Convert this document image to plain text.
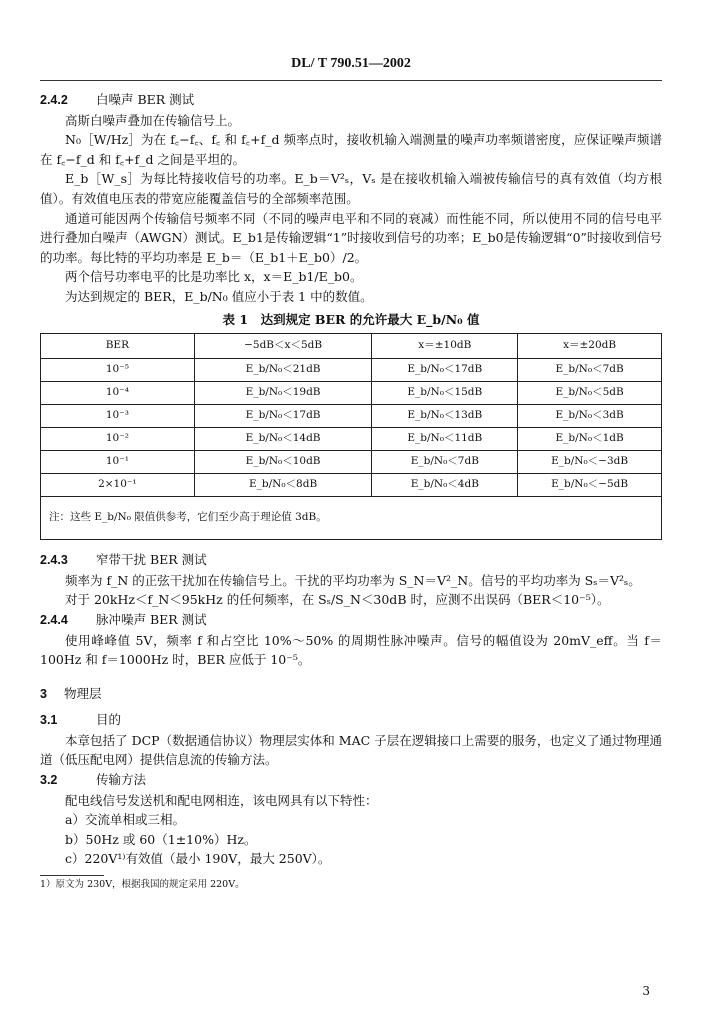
DL/ T 790.51—2002
2.4.2 白噪声 BER 测试

高斯白噪声叠加在传输信号上。

N₀［W/Hz］为在 f꜀−f꜀、f꜀ 和 f꜀+f_d 频率点时，接收机输入端测量的噪声功率频谱密度，应保证噪声频谱在 f꜀−f_d 和 f꜀+f_d 之间是平坦的。

E_b［W_s］为每比特接收信号的功率。E_b＝V²ₛ，Vₛ 是在接收机输入端被传输信号的真有效值（均方根值）。有效值电压表的带宽应能覆盖信号的全部频率范围。

通道可能因两个传输信号频率不同（不同的噪声电平和不同的衰减）而性能不同，所以使用不同的信号电平进行叠加白噪声（AWGN）测试。E_b1是传输逻辑“1”时接收到信号的功率；E_b0是传输逻辑“0”时接收到信号的功率。每比特的平均功率是 E_b＝（E_b1＋E_b0）/2。

两个信号功率电平的比是功率比 x，x＝E_b1/E_b0。

为达到规定的 BER，E_b/N₀ 值应小于表 1 中的数值。

表 1　达到规定 BER 的允许最大 E_b/N₀ 值
BER	−5dB＜x＜5dB	x＝±10dB	x＝±20dB
10⁻⁵	E_b/N₀＜21dB	E_b/N₀＜17dB	E_b/N₀＜7dB
10⁻⁴	E_b/N₀＜19dB	E_b/N₀＜15dB	E_b/N₀＜5dB
10⁻³	E_b/N₀＜17dB	E_b/N₀＜13dB	E_b/N₀＜3dB
10⁻²	E_b/N₀＜14dB	E_b/N₀＜11dB	E_b/N₀＜1dB
10⁻¹	E_b/N₀＜10dB	E_b/N₀＜7dB	E_b/N₀＜−3dB
2×10⁻¹	E_b/N₀＜8dB	E_b/N₀＜4dB	E_b/N₀＜−5dB
注：这些 E_b/N₀ 限值供参考，它们至少高于理论值 3dB。			
2.4.3 窄带干扰 BER 测试

频率为 f_N 的正弦干扰加在传输信号上。干扰的平均功率为 S_N＝V²_N。信号的平均功率为 Sₛ＝V²ₛ。

对于 20kHz＜f_N＜95kHz 的任何频率，在 Sₛ/S_N＜30dB 时，应测不出误码（BER＜10⁻⁵）。

2.4.4 脉冲噪声 BER 测试

使用峰峰值 5V，频率 f 和占空比 10%～50% 的周期性脉冲噪声。信号的幅值设为 20mV_eff。当 f＝100Hz 和 f＝1000Hz 时，BER 应低于 10⁻⁵。

3 物理层
3.1	目的

本章包括了 DCP（数据通信协议）物理层实体和 MAC 子层在逻辑接口上需要的服务，也定义了通过物理通道（低压配电网）提供信息流的传输方法。

3.2	传输方法

配电线信号发送机和配电网相连，该电网具有以下特性：

a）交流单相或三相。

b）50Hz 或 60（1±10%）Hz。

c）220V¹⁾有效值（最小 190V，最大 250V）。

1）原文为 230V，根据我国的规定采用 220V。

3
